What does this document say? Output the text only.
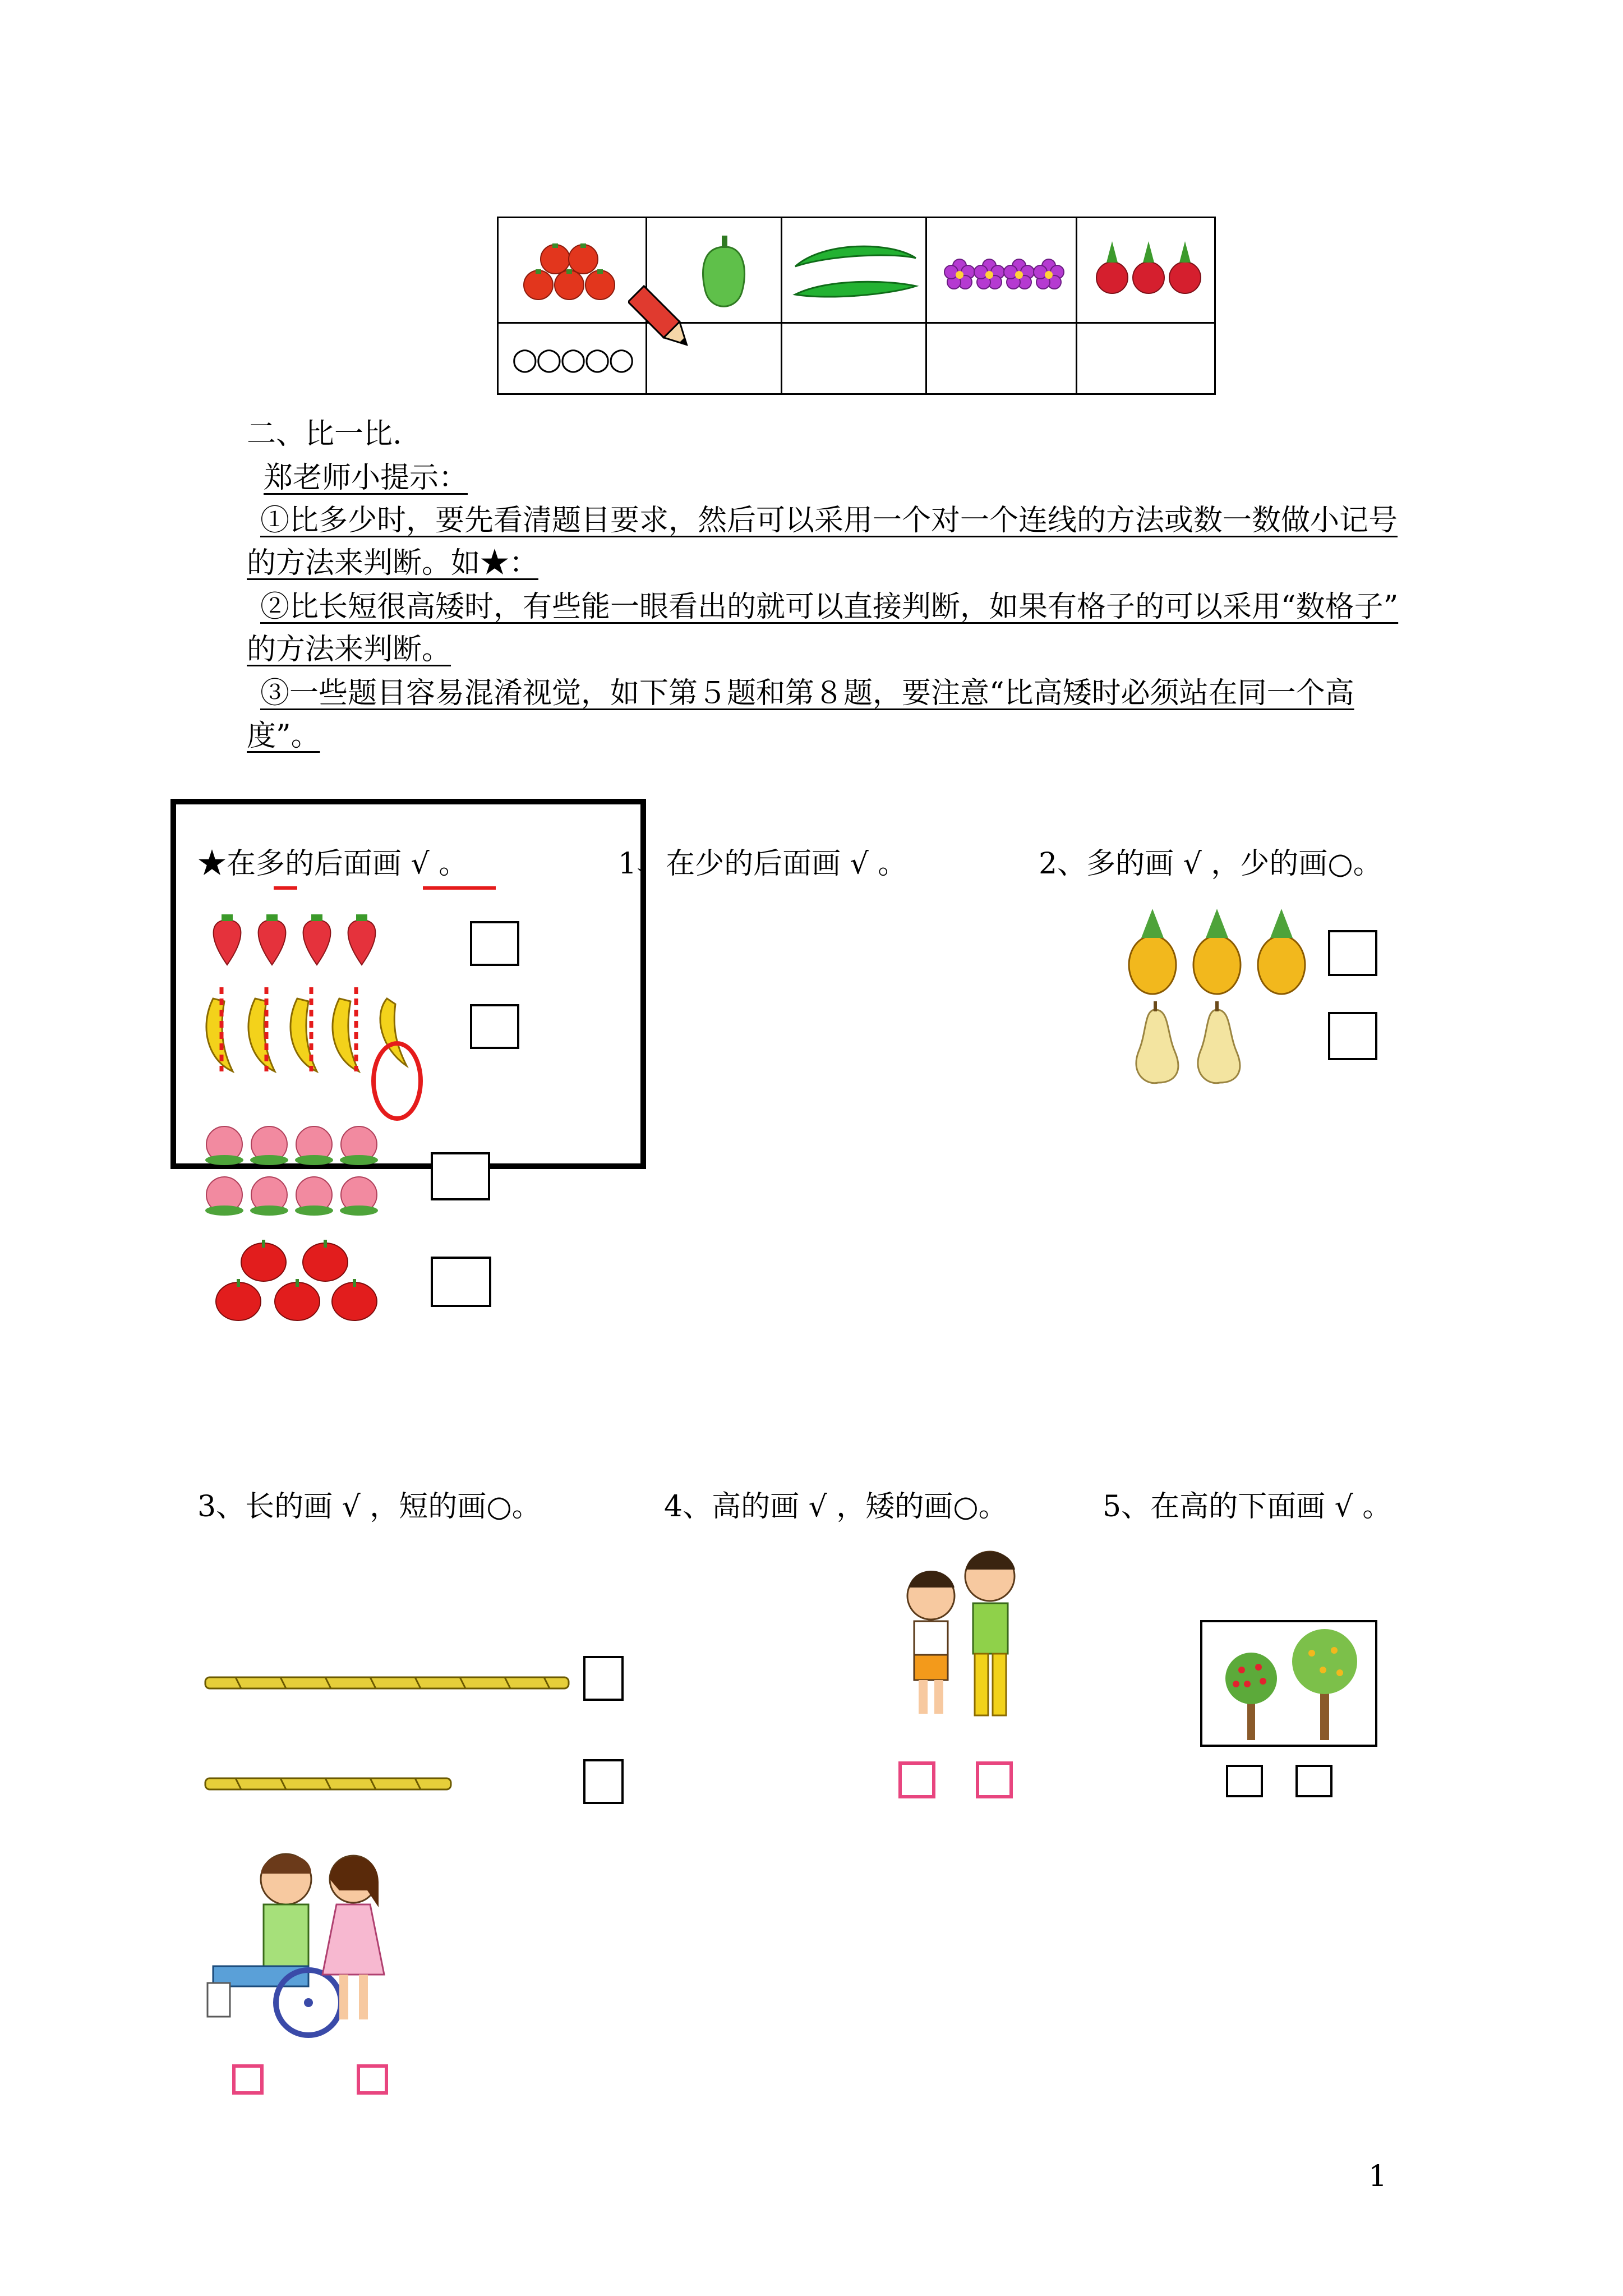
○○○○○				
二、比一比.
郑老师小提示：
①比多少时，要先看清题目要求，然后可以采用一个对一个连线的方法或数一数做小记号
的方法来判断。如★：
②比长短很高矮时，有些能一眼看出的就可以直接判断，如果有格子的可以采用“数格子”
的方法来判断。
③一些题目容易混淆视觉，如下第５题和第８题，要注意“比高矮时必须站在同一个高
度”。
★在多的后面画 √ 。	1、在少的后面画 √ 。	2、多的画 √ ，少的画○。
3、长的画 √ ，短的画○。	4、高的画 √ ，矮的画○。	5、在高的下面画 √ 。
1
